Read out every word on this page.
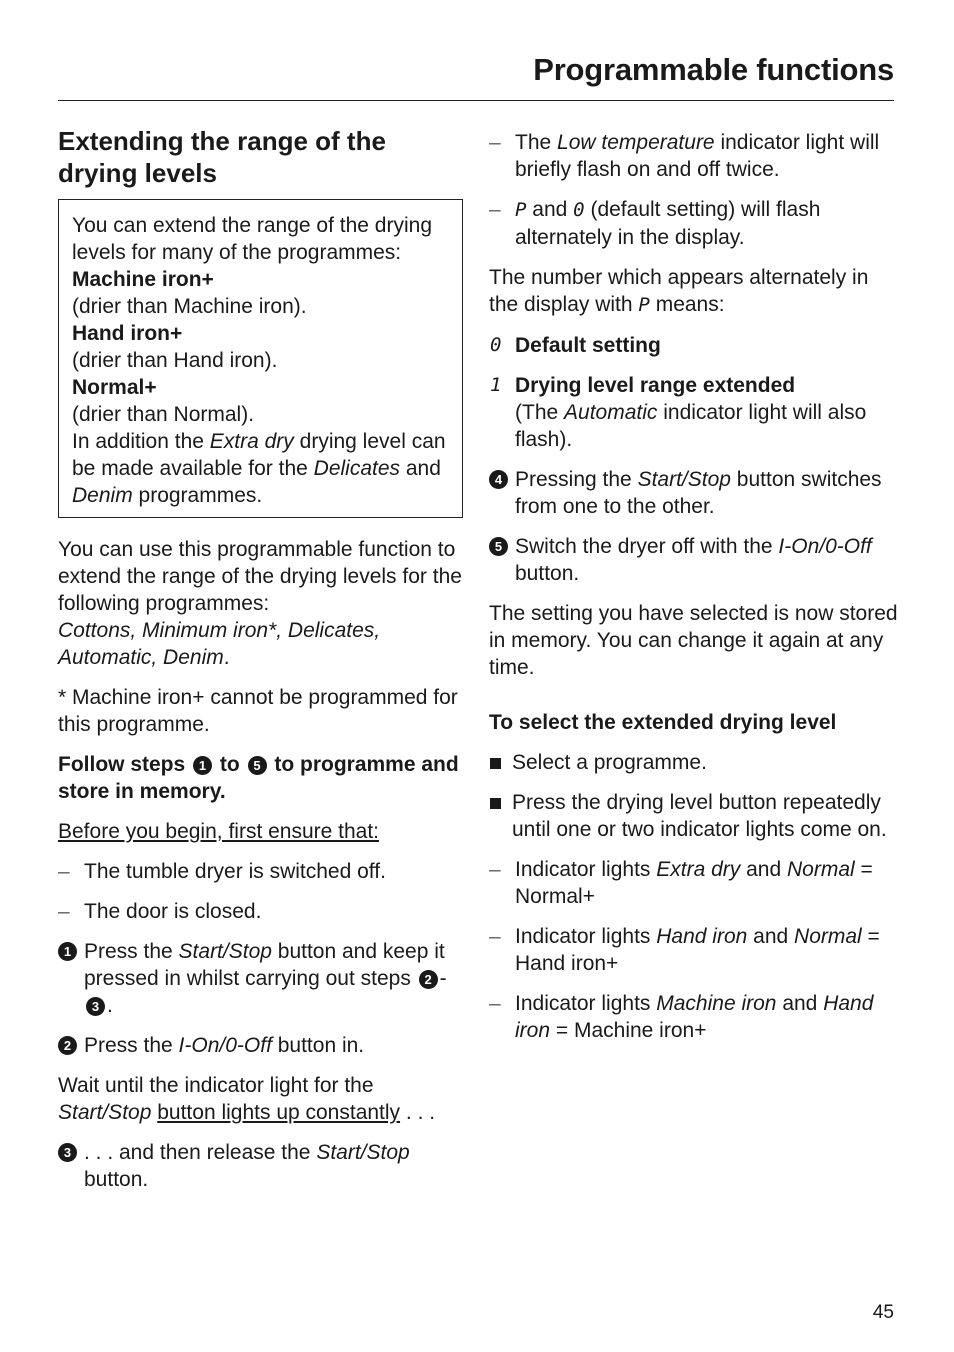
Programmable functions
Extending the range of the drying levels
You can extend the range of the drying levels for many of the programmes:
Machine iron+
(drier than Machine iron).
Hand iron+
(drier than Hand iron).
Normal+
(drier than Normal).
In addition the Extra dry drying level can be made available for the Delicates and Denim programmes.

You can use this programmable function to extend the range of the drying levels for the following programmes:
Cottons, Minimum iron*, Delicates, Automatic, Denim.

* Machine iron+ cannot be programmed for this programme.

Follow steps 1 to 5 to programme and store in memory.

Before you begin, first ensure that:

– The tumble dryer is switched off.
– The door is closed.
1 Press the Start/Stop button and keep it pressed in whilst carrying out steps 2 -3 .
2 Press the I-On/0-Off button in.

Wait until the indicator light for the Start/Stop button lights up constantly . . .

3 . . . and then release the Start/Stop button.
– The Low temperature indicator light will briefly flash on and off twice.
– P and 0 (default setting) will flash alternately in the display.

The number which appears alternately in the display with P means:

0 Default setting
1 Drying level range extended
(The Automatic indicator light will also flash).
4 Pressing the Start/Stop button switches from one to the other.
5 Switch the dryer off with the I-On/0-Off button.

The setting you have selected is now stored in memory. You can change it again at any time.

To select the extended drying level
Select a programme.
Press the drying level button repeatedly until one or two indicator lights come on.
– Indicator lights Extra dry and Normal = Normal+
– Indicator lights Hand iron and Normal = Hand iron+
– Indicator lights Machine iron and Hand iron = Machine iron+
45
